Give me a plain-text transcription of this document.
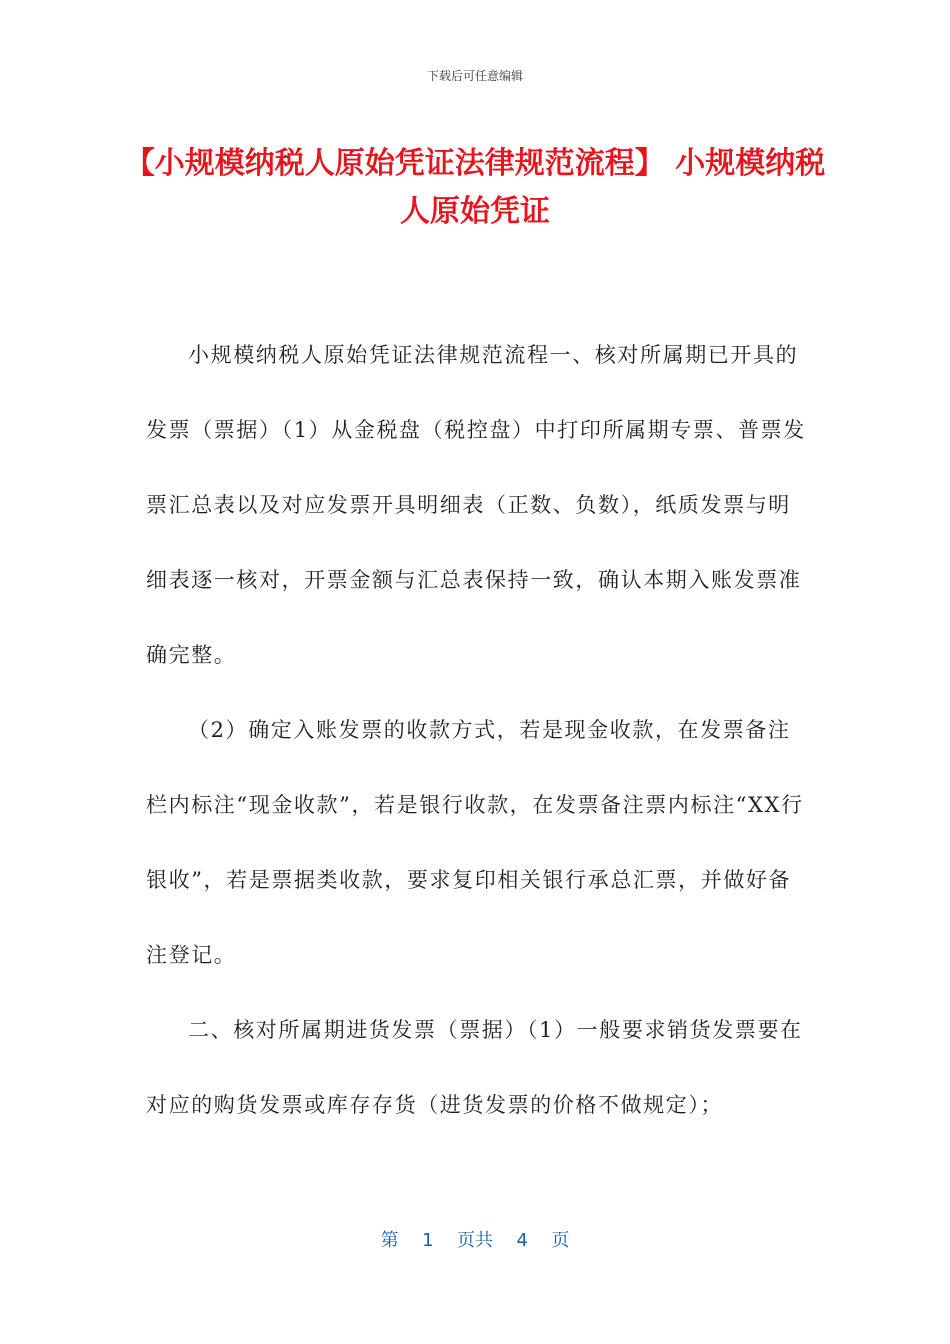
下载后可任意编辑
【小规模纳税人原始凭证法律规范流程】 小规模纳税人原始凭证

小规模纳税人原始凭证法律规范流程一、核对所属期已开具的发票（票据）（1）从金税盘（税控盘）中打印所属期专票、普票发票汇总表以及对应发票开具明细表（正数、负数），纸质发票与明细表逐一核对，开票金额与汇总表保持一致，确认本期入账发票准确完整。

（2）确定入账发票的收款方式，若是现金收款，在发票备注栏内标注“现金收款”，若是银行收款，在发票备注票内标注“XX行银收”，若是票据类收款，要求复印相关银行承总汇票，并做好备注登记。

二、核对所属期进货发票（票据）（1）一般要求销货发票要在对应的购货发票或库存存货（进货发票的价格不做规定）；

第  1  页共  4  页
